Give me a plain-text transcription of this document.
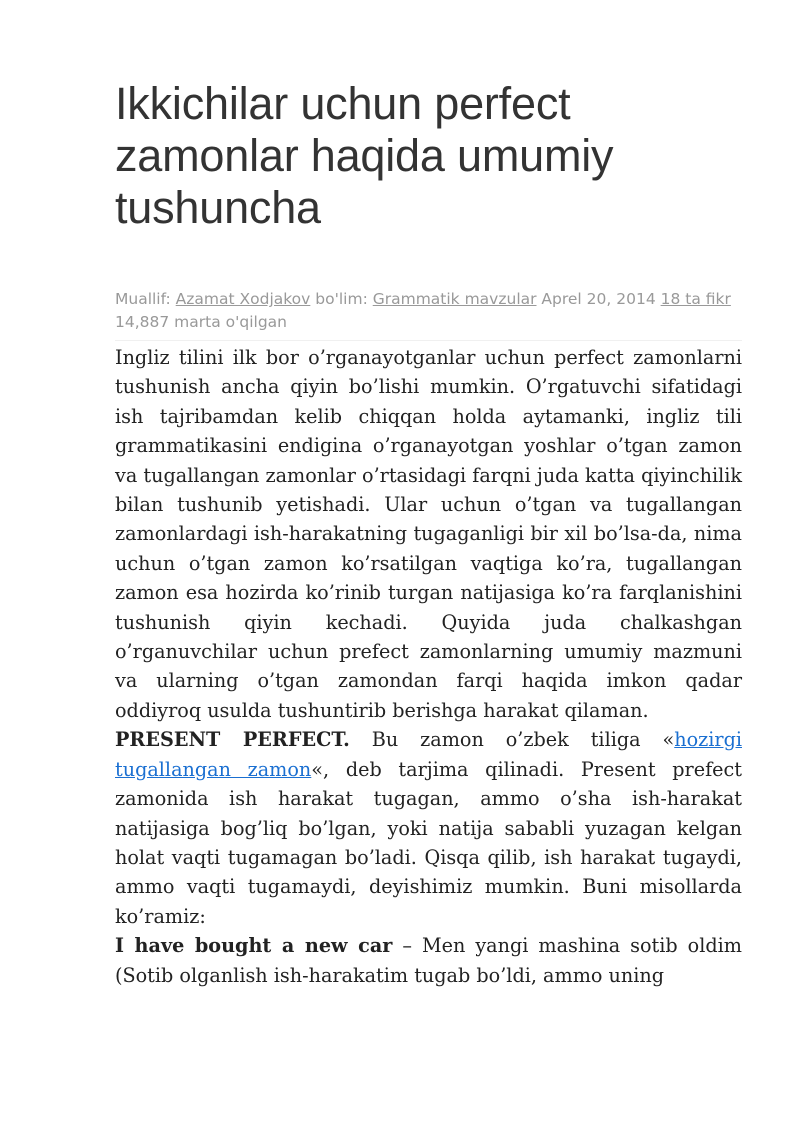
Ikkichilar uchun perfect zamonlar haqida umumiy tushuncha
Muallif: Azamat Xodjakov bo'lim: Grammatik mavzular Aprel 20, 2014 18 ta fikr 14,887 marta o'qilgan

Ingliz tilini ilk bor o’rganayotganlar uchun perfect zamonlarni tushunish ancha qiyin bo’lishi mumkin. O’rgatuvchi sifatidagi ish tajribamdan kelib chiqqan holda aytamanki, ingliz tili grammatikasini endigina o’rganayotgan yoshlar o’tgan zamon va tugallangan zamonlar o’rtasidagi farqni juda katta qiyinchilik bilan tushunib yetishadi. Ular uchun o’tgan va tugallangan zamonlardagi ish-harakatning tugaganligi bir xil bo’lsa-da, nima uchun o’tgan zamon ko’rsatilgan vaqtiga ko’ra, tugallangan zamon esa hozirda ko’rinib turgan natijasiga ko’ra farqlanishini tushunish qiyin kechadi. Quyida juda chalkashgan o’rganuvchilar uchun prefect zamonlarning umumiy mazmuni va ularning o’tgan zamondan farqi haqida imkon qadar oddiyroq usulda tushuntirib berishga harakat qilaman.

PRESENT PERFECT. Bu zamon o’zbek tiliga «hozirgi tugallangan zamon«, deb tarjima qilinadi. Present prefect zamonida ish harakat tugagan, ammo o’sha ish-harakat natijasiga bog’liq bo’lgan, yoki natija sababli yuzagan kelgan holat vaqti tugamagan bo’ladi. Qisqa qilib, ish harakat tugaydi, ammo vaqti tugamaydi, deyishimiz mumkin. Buni misollarda ko’ramiz:

I have bought a new car – Men yangi mashina sotib oldim (Sotib olganlish ish-harakatim tugab bo’ldi, ammo uning
